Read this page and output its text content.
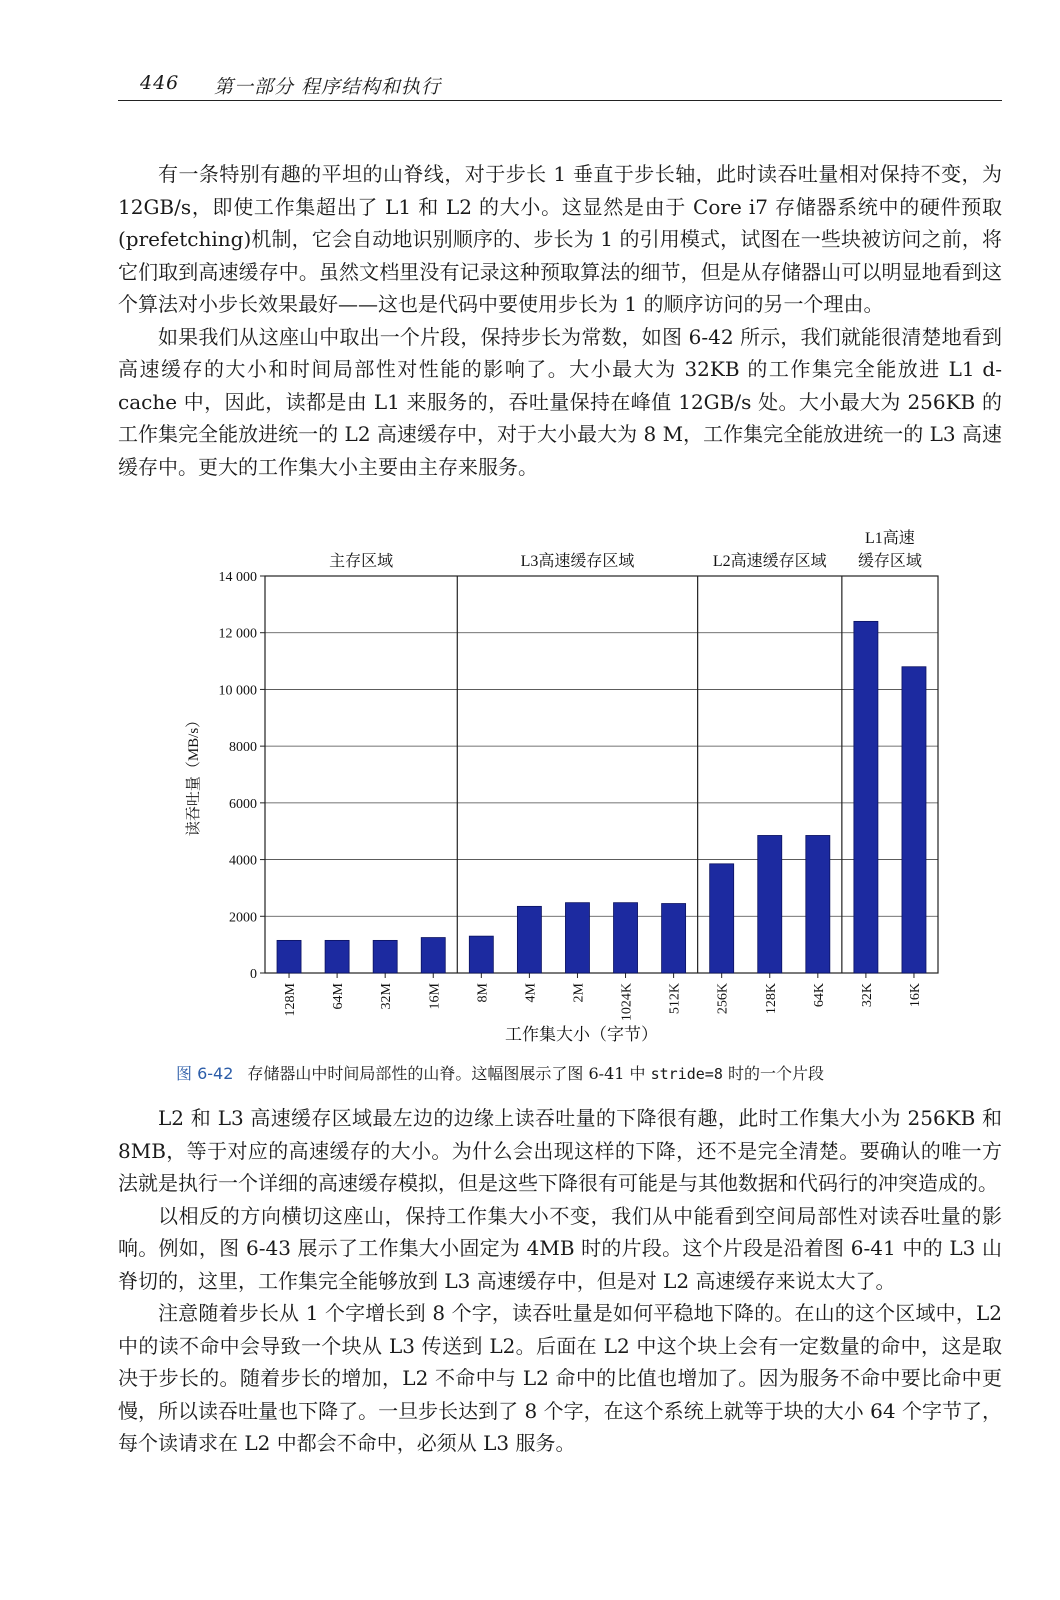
446 第一部分 程序结构和执行

有一条特别有趣的平坦的山脊线，对于步长 1 垂直于步长轴，此时读吞吐量相对保持不变，为 12GB/s，即使工作集超出了 L1 和 L2 的大小。这显然是由于 Core i7 存储器系统中的硬件预取(prefetching)机制，它会自动地识别顺序的、步长为 1 的引用模式，试图在一些块被访问之前，将它们取到高速缓存中。虽然文档里没有记录这种预取算法的细节，但是从存储器山可以明显地看到这个算法对小步长效果最好——这也是代码中要使用步长为 1 的顺序访问的另一个理由。

如果我们从这座山中取出一个片段，保持步长为常数，如图 6-42 所示，我们就能很清楚地看到高速缓存的大小和时间局部性对性能的影响了。大小最大为 32KB 的工作集完全能放进 L1 d-cache 中，因此，读都是由 L1 来服务的，吞吐量保持在峰值 12GB/s 处。大小最大为 256KB 的工作集完全能放进统一的 L2 高速缓存中，对于大小最大为 8 M，工作集完全能放进统一的 L3 高速缓存中。更大的工作集大小主要由主存来服务。

0
2000
4000
6000
8000
10 000
12 000
14 000
128M 64M 32M 16M 8M 4M 2M 1024K 512K 256K 128K 64K 32K 16K
主存区域	L3高速缓存区域	L2高速缓存区域
L1高速
缓存区域
读吞吐量（MB/s）
工作集大小（字节）
图 6-42 存储器山中时间局部性的山脊。这幅图展示了图 6-41 中 stride=8 时的一个片段

L2 和 L3 高速缓存区域最左边的边缘上读吞吐量的下降很有趣，此时工作集大小为 256KB 和 8MB，等于对应的高速缓存的大小。为什么会出现这样的下降，还不是完全清楚。要确认的唯一方法就是执行一个详细的高速缓存模拟，但是这些下降很有可能是与其他数据和代码行的冲突造成的。

以相反的方向横切这座山，保持工作集大小不变，我们从中能看到空间局部性对读吞吐量的影响。例如，图 6-43 展示了工作集大小固定为 4MB 时的片段。这个片段是沿着图 6-41 中的 L3 山脊切的，这里，工作集完全能够放到 L3 高速缓存中，但是对 L2 高速缓存来说太大了。

注意随着步长从 1 个字增长到 8 个字，读吞吐量是如何平稳地下降的。在山的这个区域中，L2 中的读不命中会导致一个块从 L3 传送到 L2。后面在 L2 中这个块上会有一定数量的命中，这是取决于步长的。随着步长的增加，L2 不命中与 L2 命中的比值也增加了。因为服务不命中要比命中更慢，所以读吞吐量也下降了。一旦步长达到了 8 个字，在这个系统上就等于块的大小 64 个字节了，每个读请求在 L2 中都会不命中，必须从 L3 服务。
